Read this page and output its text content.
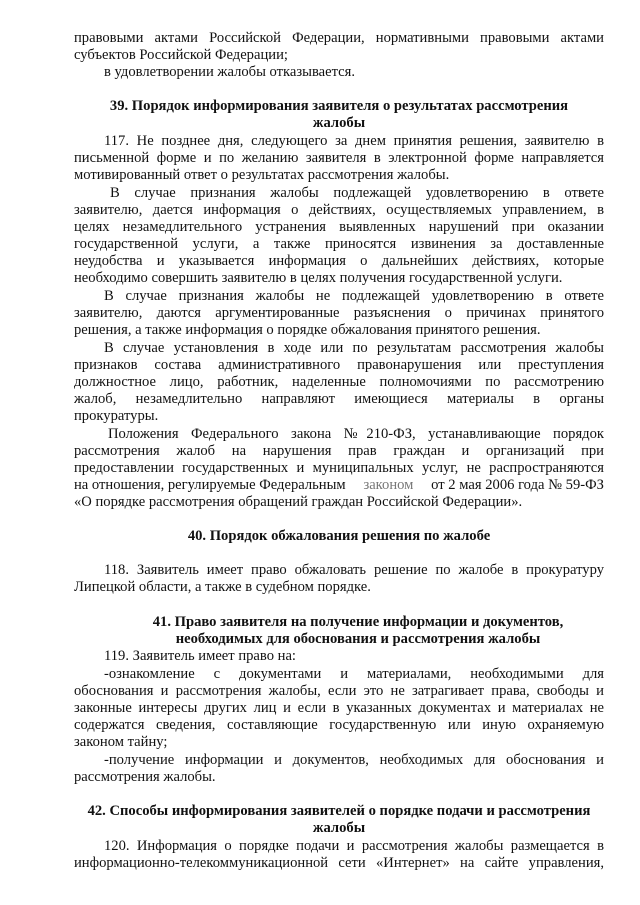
правовыми актами Российской Федерации, нормативными правовыми актами
субъектов Российской Федерации;
в удовлетворении жалобы отказывается.
39. Порядок информирования заявителя о результатах рассмотрения
жалобы
117. Не позднее дня, следующего за днем принятия решения, заявителю в
письменной форме и по желанию заявителя в электронной форме направляется
мотивированный ответ о результатах рассмотрения жалобы.
В случае признания жалобы подлежащей удовлетворению в ответе
заявителю, дается информация о действиях, осуществляемых управлением, в
целях незамедлительного устранения выявленных нарушений при оказании
государственной услуги, а также приносятся извинения за доставленные
неудобства и указывается информация о дальнейших действиях, которые
необходимо совершить заявителю в целях получения государственной услуги.
В случае признания жалобы не подлежащей удовлетворению в ответе
заявителю, даются аргументированные разъяснения о причинах принятого
решения, а также информация о порядке обжалования принятого решения.
В случае установления в ходе или по результатам рассмотрения жалобы
признаков состава административного правонарушения или преступления
должностное лицо, работник, наделенные полномочиями по рассмотрению
жалоб, незамедлительно направляют имеющиеся материалы в органы
прокуратуры.
Положения Федерального закона №210-ФЗ, устанавливающие порядок
рассмотрения жалоб на нарушения прав граждан и организаций при
предоставлении государственных и муниципальных услуг, не распространяются
на отношения, регулируемые Федеральным законом от 2 мая 2006 года № 59-ФЗ
«О порядке рассмотрения обращений граждан Российской Федерации».
40. Порядок обжалования решения по жалобе
118. Заявитель имеет право обжаловать решение по жалобе в прокуратуру
Липецкой области, а также в судебном порядке.
41. Право заявителя на получение информации и документов,
необходимых для обоснования и рассмотрения жалобы
119. Заявитель имеет право на:
-ознакомление с документами и материалами, необходимыми для
обоснования и рассмотрения жалобы, если это не затрагивает права, свободы и
законные интересы других лиц и если в указанных документах и материалах не
содержатся сведения, составляющие государственную или иную охраняемую
законом тайну;
-получение информации и документов, необходимых для обоснования и
рассмотрения жалобы.
42. Способы информирования заявителей о порядке подачи и рассмотрения
жалобы
120. Информация о порядке подачи и рассмотрения жалобы размещается в
информационно-телекоммуникационной сети «Интернет» на сайте управления,
